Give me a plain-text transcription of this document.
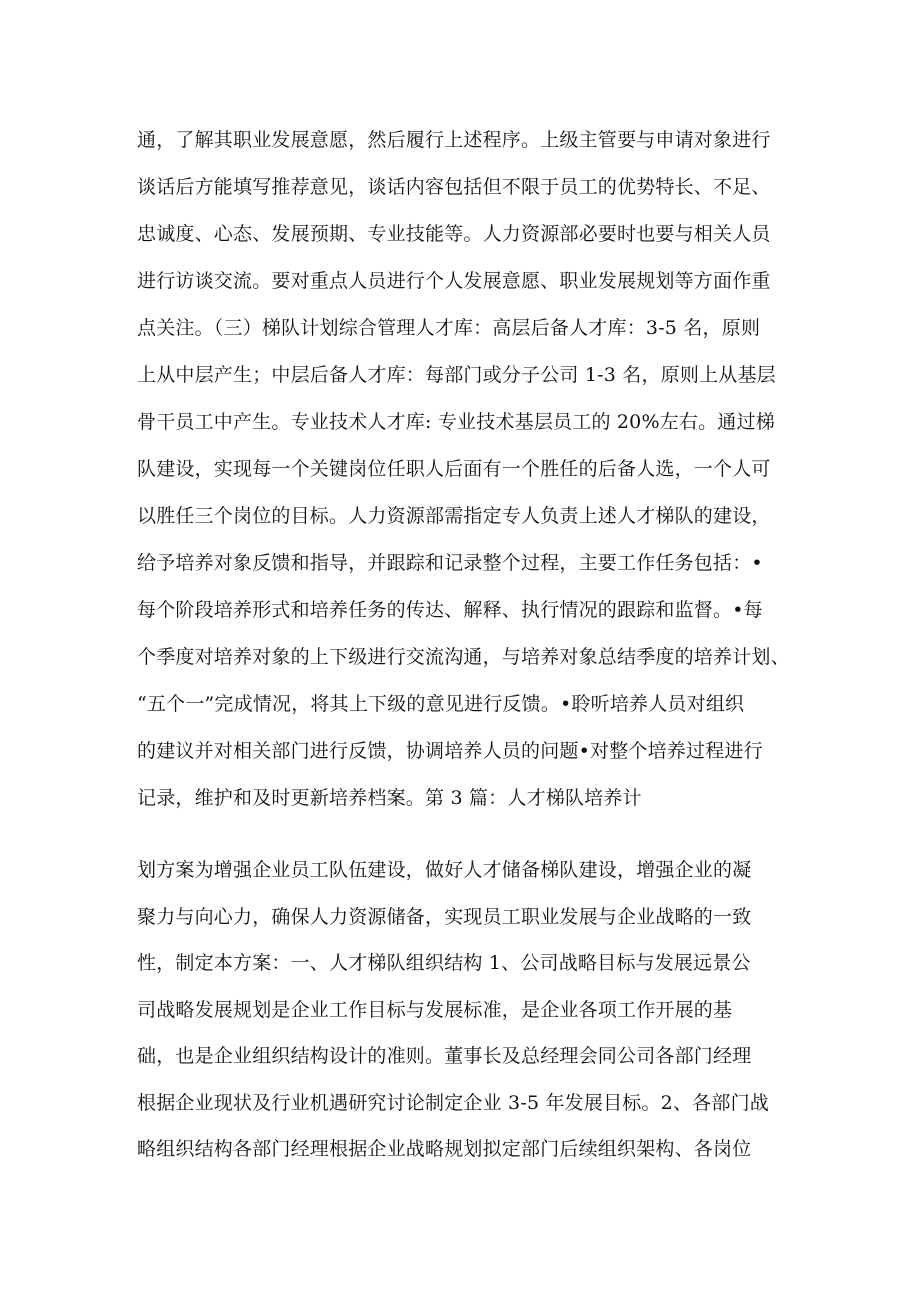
通，了解其职业发展意愿，然后履行上述程序。上级主管要与申请对象进行
谈话后方能填写推荐意见，谈话内容包括但不限于员工的优势特长、不足、
忠诚度、心态、发展预期、专业技能等。人力资源部必要时也要与相关人员
进行访谈交流。要对重点人员进行个人发展意愿、职业发展规划等方面作重
点关注。（三）梯队计划综合管理人才库：高层后备人才库：3-5 名，原则
上从中层产生；中层后备人才库：每部门或分子公司 1-3 名，原则上从基层
骨干员工中产生。专业技术人才库: 专业技术基层员工的 20%左右。通过梯
队建设，实现每一个关键岗位任职人后面有一个胜任的后备人选，一个人可
以胜任三个岗位的目标。人力资源部需指定专人负责上述人才梯队的建设，
给予培养对象反馈和指导，并跟踪和记录整个过程，主要工作任务包括：•
每个阶段培养形式和培养任务的传达、解释、执行情况的跟踪和监督。•每
个季度对培养对象的上下级进行交流沟通，与培养对象总结季度的培养计划、
“五个一”完成情况，将其上下级的意见进行反馈。•聆听培养人员对组织
的建议并对相关部门进行反馈，协调培养人员的问题•对整个培养过程进行
记录，维护和及时更新培养档案。第 3 篇：人才梯队培养计
划方案为增强企业员工队伍建设，做好人才储备梯队建设，增强企业的凝
聚力与向心力，确保人力资源储备，实现员工职业发展与企业战略的一致
性，制定本方案：一、人才梯队组织结构 1、公司战略目标与发展远景公
司战略发展规划是企业工作目标与发展标准，是企业各项工作开展的基
础，也是企业组织结构设计的准则。董事长及总经理会同公司各部门经理
根据企业现状及行业机遇研究讨论制定企业 3-5 年发展目标。2、各部门战
略组织结构各部门经理根据企业战略规划拟定部门后续组织架构、各岗位
